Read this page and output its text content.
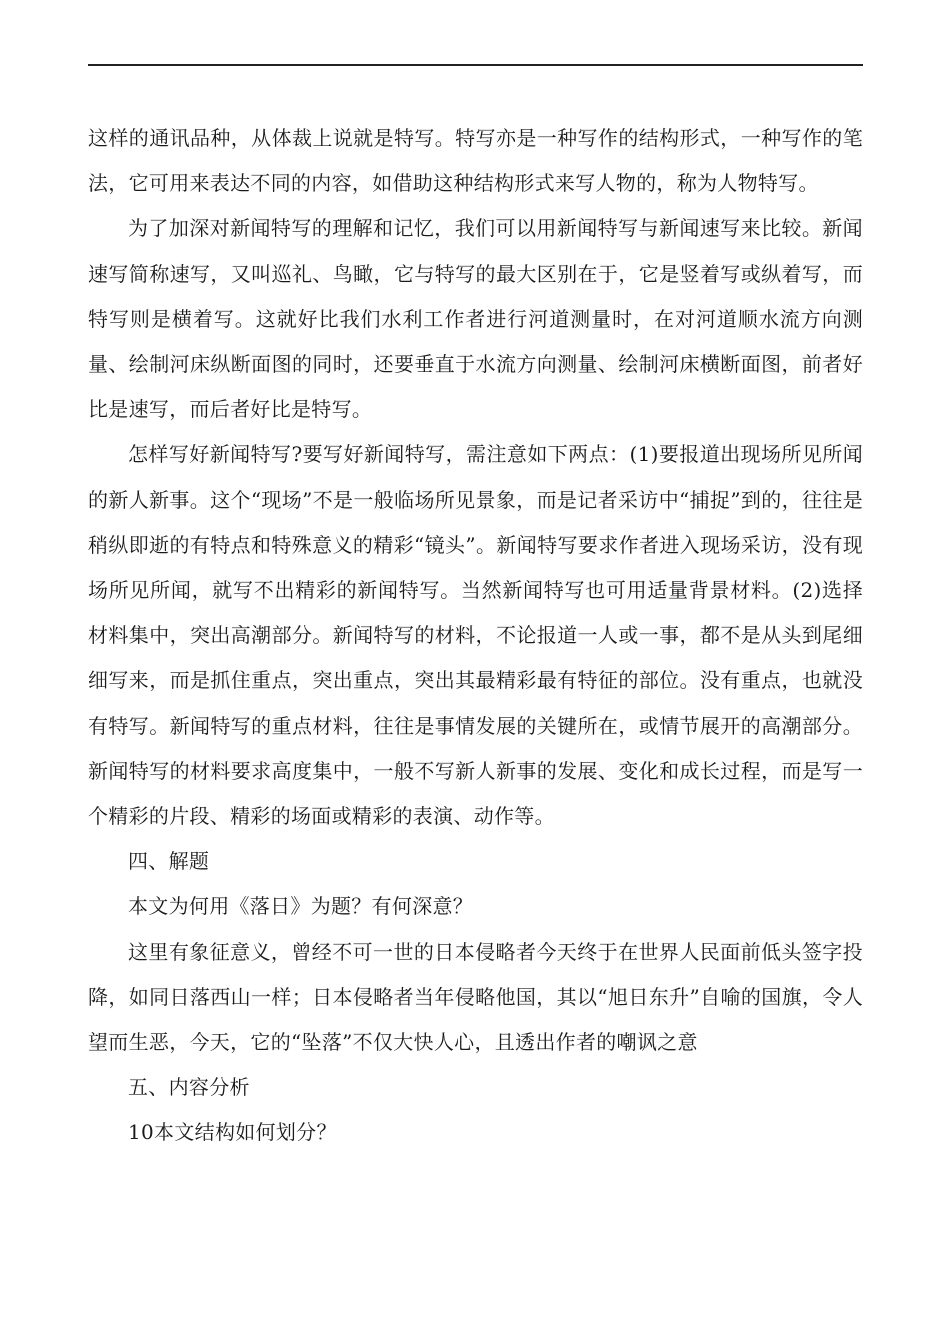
这样的通讯品种，从体裁上说就是特写。特写亦是一种写作的结构形式，一种写作的笔法，它可用来表达不同的内容，如借助这种结构形式来写人物的，称为人物特写。

为了加深对新闻特写的理解和记忆，我们可以用新闻特写与新闻速写来比较。新闻速写简称速写，又叫巡礼、鸟瞰，它与特写的最大区别在于，它是竖着写或纵着写，而特写则是横着写。这就好比我们水利工作者进行河道测量时，在对河道顺水流方向测量、绘制河床纵断面图的同时，还要垂直于水流方向测量、绘制河床横断面图，前者好比是速写，而后者好比是特写。

怎样写好新闻特写?要写好新闻特写，需注意如下两点：(1)要报道出现场所见所闻的新人新事。这个“现场”不是一般临场所见景象，而是记者采访中“捕捉”到的，往往是稍纵即逝的有特点和特殊意义的精彩“镜头”。新闻特写要求作者进入现场采访，没有现场所见所闻，就写不出精彩的新闻特写。当然新闻特写也可用适量背景材料。(2)选择材料集中，突出高潮部分。新闻特写的材料，不论报道一人或一事，都不是从头到尾细细写来，而是抓住重点，突出重点，突出其最精彩最有特征的部位。没有重点，也就没有特写。新闻特写的重点材料，往往是事情发展的关键所在，或情节展开的高潮部分。新闻特写的材料要求高度集中，一般不写新人新事的发展、变化和成长过程，而是写一个精彩的片段、精彩的场面或精彩的表演、动作等。

四、解题

本文为何用《落日》为题？有何深意？

这里有象征意义，曾经不可一世的日本侵略者今天终于在世界人民面前低头签字投降，如同日落西山一样；日本侵略者当年侵略他国，其以“旭日东升”自喻的国旗，令人望而生恶，今天，它的“坠落”不仅大快人心，且透出作者的嘲讽之意

五、内容分析

10本文结构如何划分？
